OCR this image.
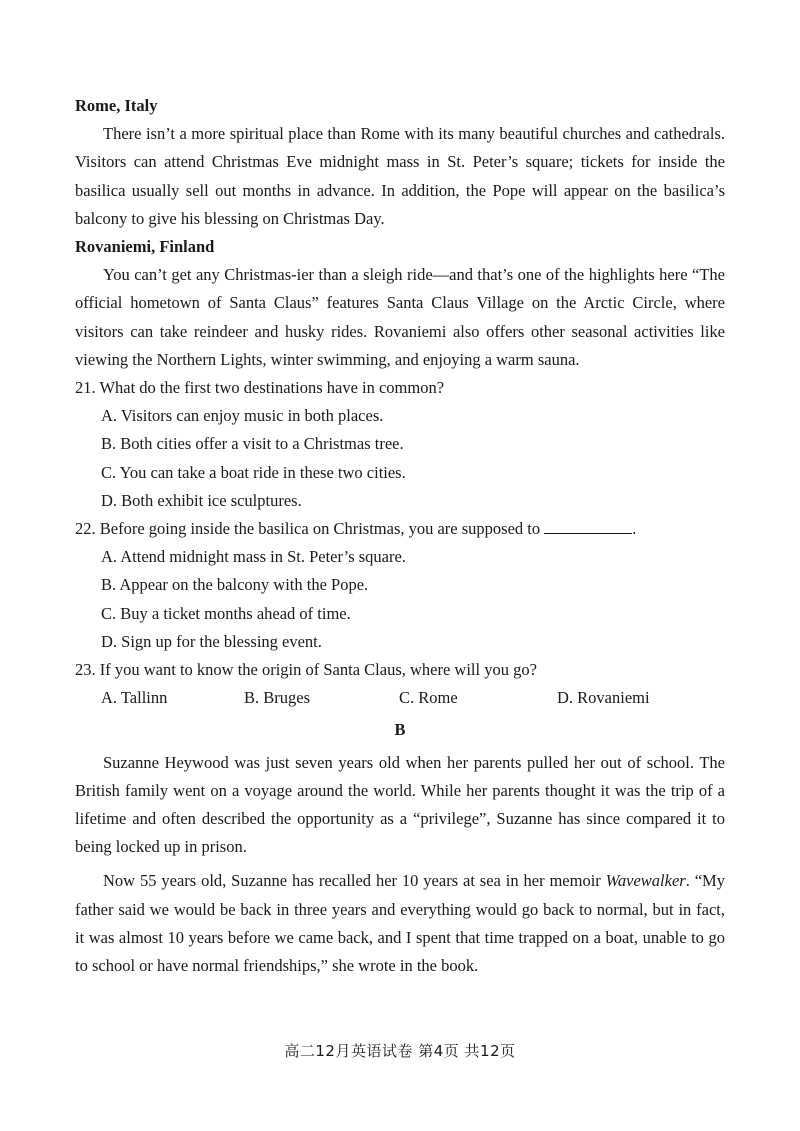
Rome, Italy

There isn’t a more spiritual place than Rome with its many beautiful churches and cathedrals. Visitors can attend Christmas Eve midnight mass in St. Peter’s square; tickets for inside the basilica usually sell out months in advance. In addition, the Pope will appear on the basilica’s balcony to give his blessing on Christmas Day.

Rovaniemi, Finland

You can’t get any Christmas-ier than a sleigh ride—and that’s one of the highlights here “The official hometown of Santa Claus” features Santa Claus Village on the Arctic Circle, where visitors can take reindeer and husky rides. Rovaniemi also offers other seasonal activities like viewing the Northern Lights, winter swimming, and enjoying a warm sauna.

21. What do the first two destinations have in common?

A. Visitors can enjoy music in both places.

B. Both cities offer a visit to a Christmas tree.

C. You can take a boat ride in these two cities.

D. Both exhibit ice sculptures.

22. Before going inside the basilica on Christmas, you are supposed to	.

A. Attend midnight mass in St. Peter’s square.

B. Appear on the balcony with the Pope.

C. Buy a ticket months ahead of time.

D. Sign up for the blessing event.

23. If you want to know the origin of Santa Claus, where will you go?

A. Tallinn	B. Bruges	C. Rome	D. Rovaniemi

B

Suzanne Heywood was just seven years old when her parents pulled her out of school. The British family went on a voyage around the world. While her parents thought it was the trip of a lifetime and often described the opportunity as a “privilege”, Suzanne has since compared it to being locked up in prison.

Now 55 years old, Suzanne has recalled her 10 years at sea in her memoir Wavewalker. “My father said we would be back in three years and everything would go back to normal, but in fact, it was almost 10 years before we came back, and I spent that time trapped on a boat, unable to go to school or have normal friendships,” she wrote in the book.

高二12月英语试卷 第4页 共12页
